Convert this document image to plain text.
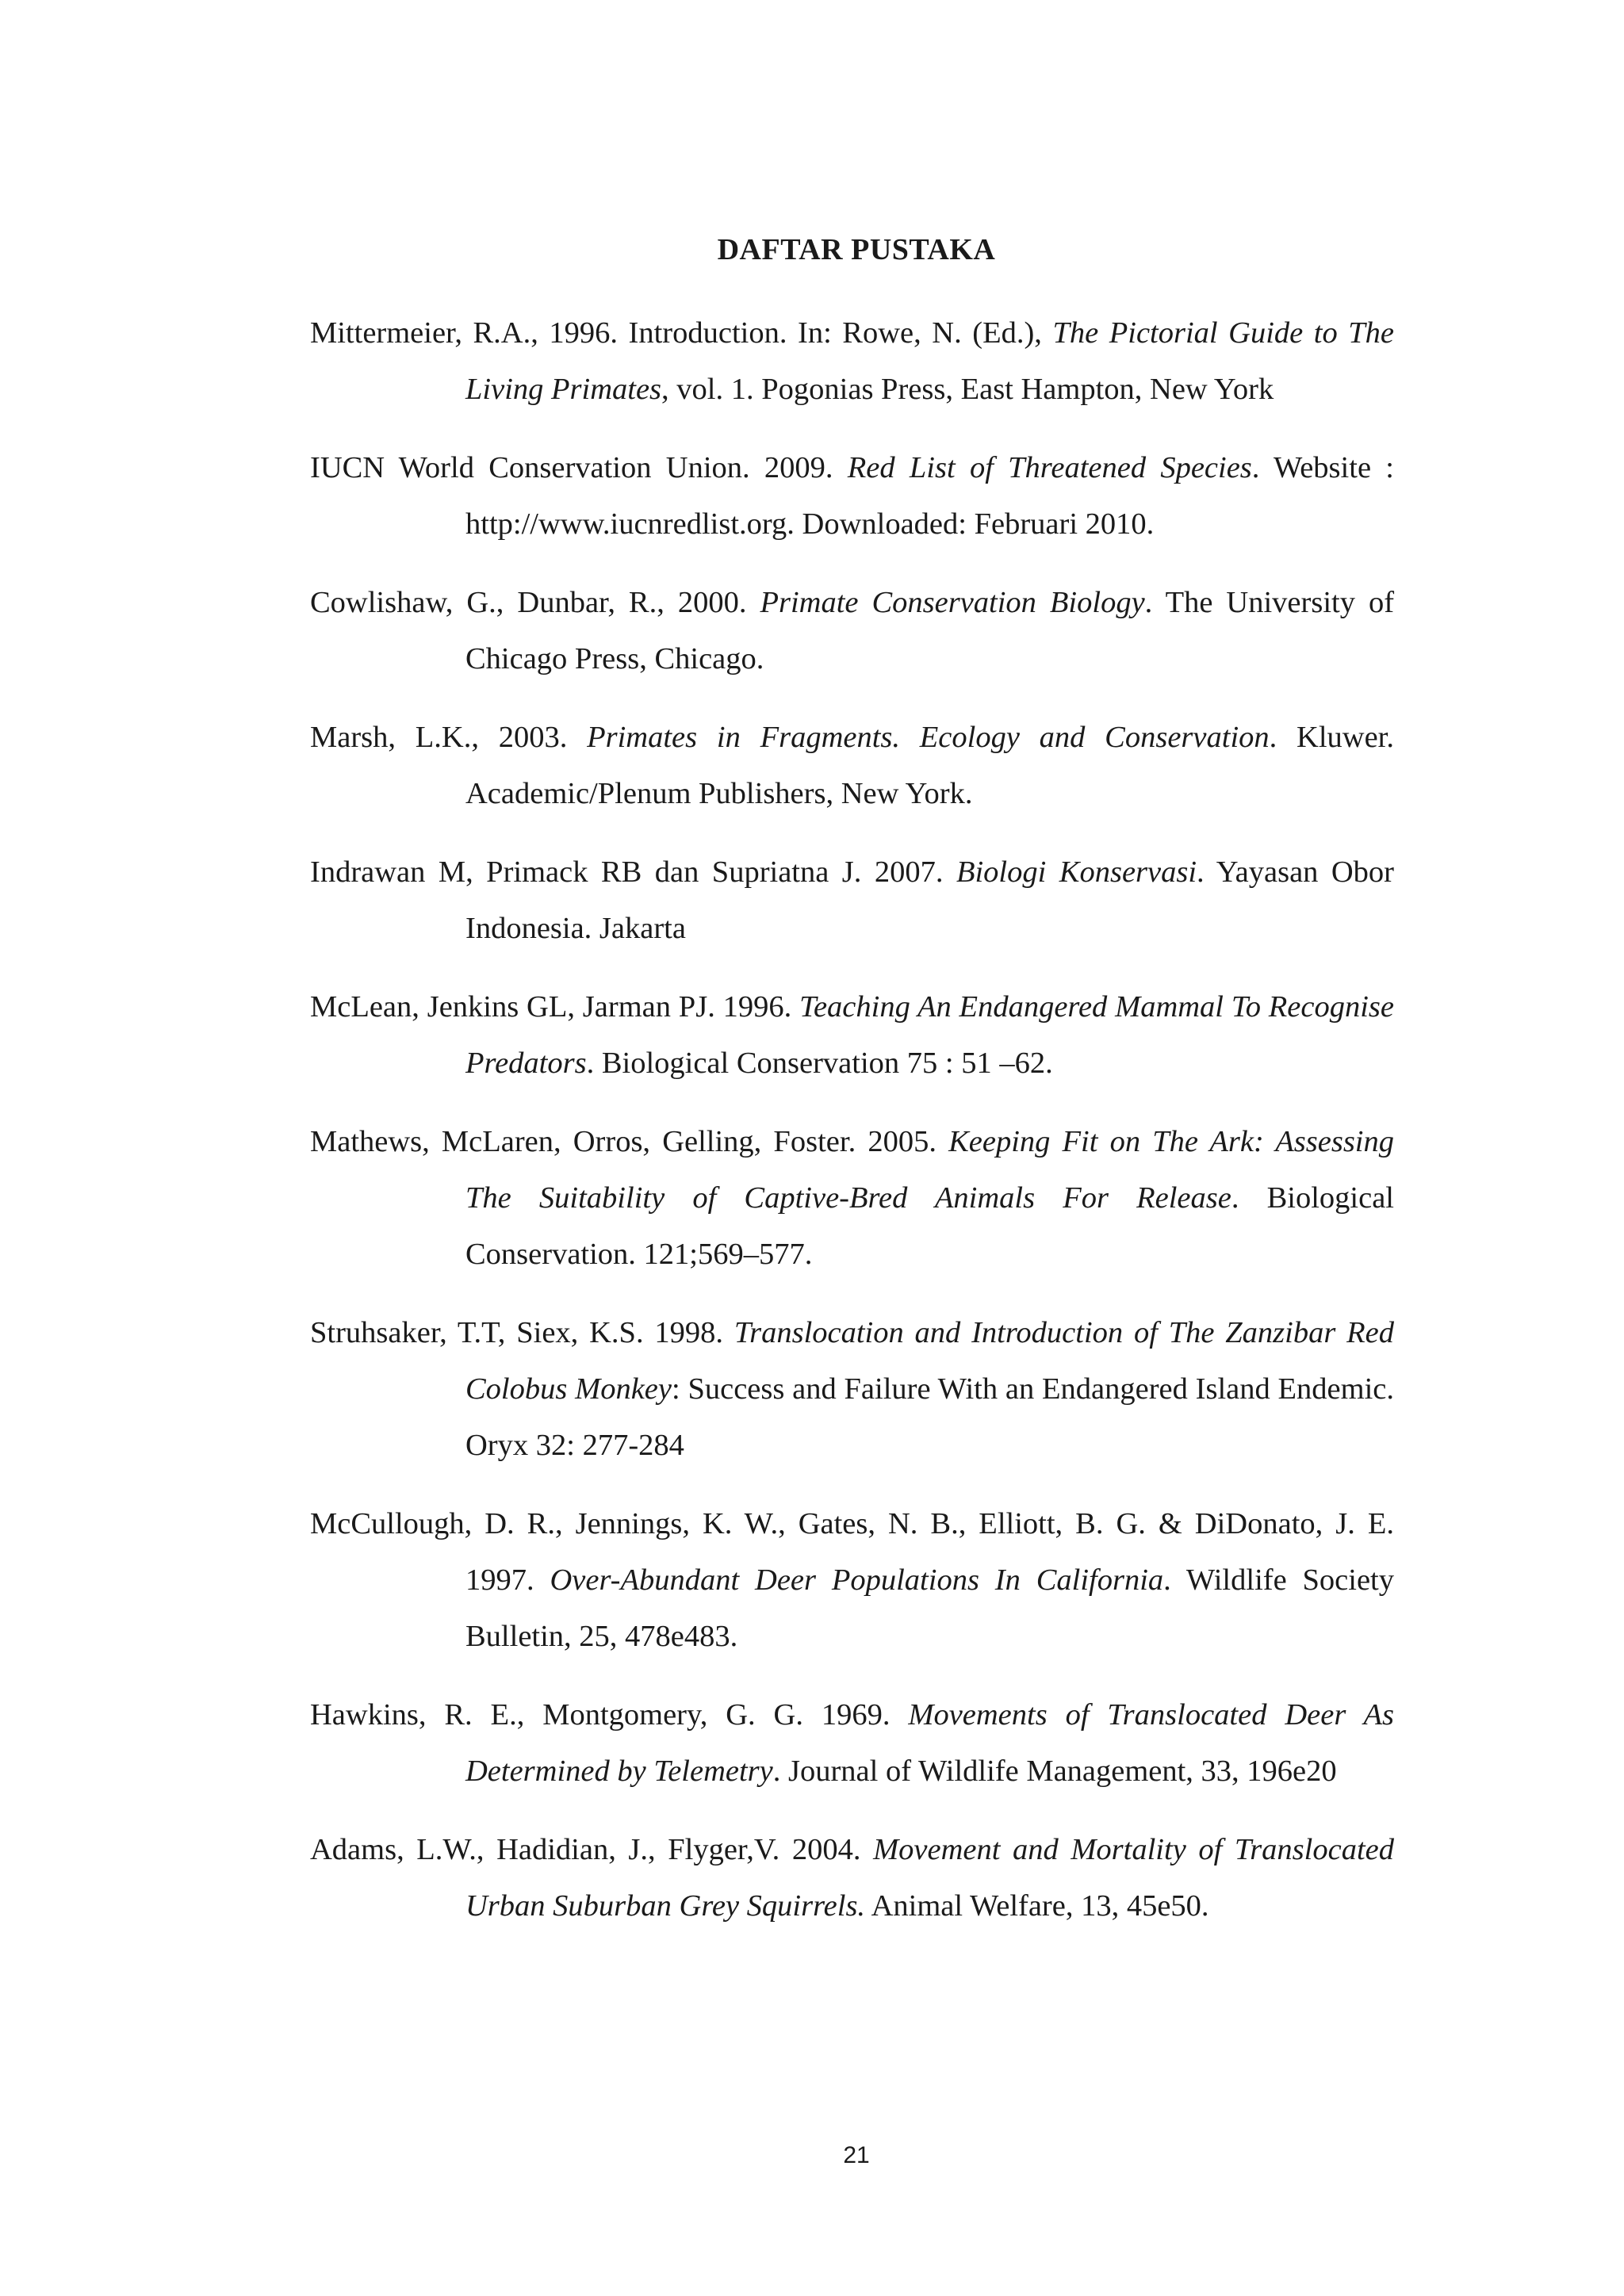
DAFTAR PUSTAKA
Mittermeier, R.A., 1996. Introduction. In: Rowe, N. (Ed.), The Pictorial Guide to The Living Primates, vol. 1. Pogonias Press, East Hampton, New York
IUCN World Conservation Union. 2009. Red List of Threatened Species. Website : http://www.iucnredlist.org. Downloaded: Februari 2010.
Cowlishaw, G., Dunbar, R., 2000. Primate Conservation Biology. The University of Chicago Press, Chicago.
Marsh, L.K., 2003. Primates in Fragments. Ecology and Conservation. Kluwer. Academic/Plenum Publishers, New York.
Indrawan M, Primack RB dan Supriatna J. 2007. Biologi Konservasi. Yayasan Obor Indonesia. Jakarta
McLean, Jenkins GL, Jarman PJ. 1996. Teaching An Endangered Mammal To Recognise Predators. Biological Conservation 75 : 51 –62.
Mathews, McLaren, Orros, Gelling, Foster. 2005. Keeping Fit on The Ark: Assessing The Suitability of Captive-Bred Animals For Release. Biological Conservation. 121;569–577.
Struhsaker, T.T, Siex, K.S. 1998. Translocation and Introduction of The Zanzibar Red Colobus Monkey: Success and Failure With an Endangered Island Endemic. Oryx 32: 277-284
McCullough, D. R., Jennings, K. W., Gates, N. B., Elliott, B. G. & DiDonato, J. E. 1997. Over-Abundant Deer Populations In California. Wildlife Society Bulletin, 25, 478e483.
Hawkins, R. E., Montgomery, G. G. 1969. Movements of Translocated Deer As Determined by Telemetry. Journal of Wildlife Management, 33, 196e20
Adams, L.W., Hadidian, J., Flyger,V. 2004. Movement and Mortality of Translocated Urban Suburban Grey Squirrels. Animal Welfare, 13, 45e50.

21
